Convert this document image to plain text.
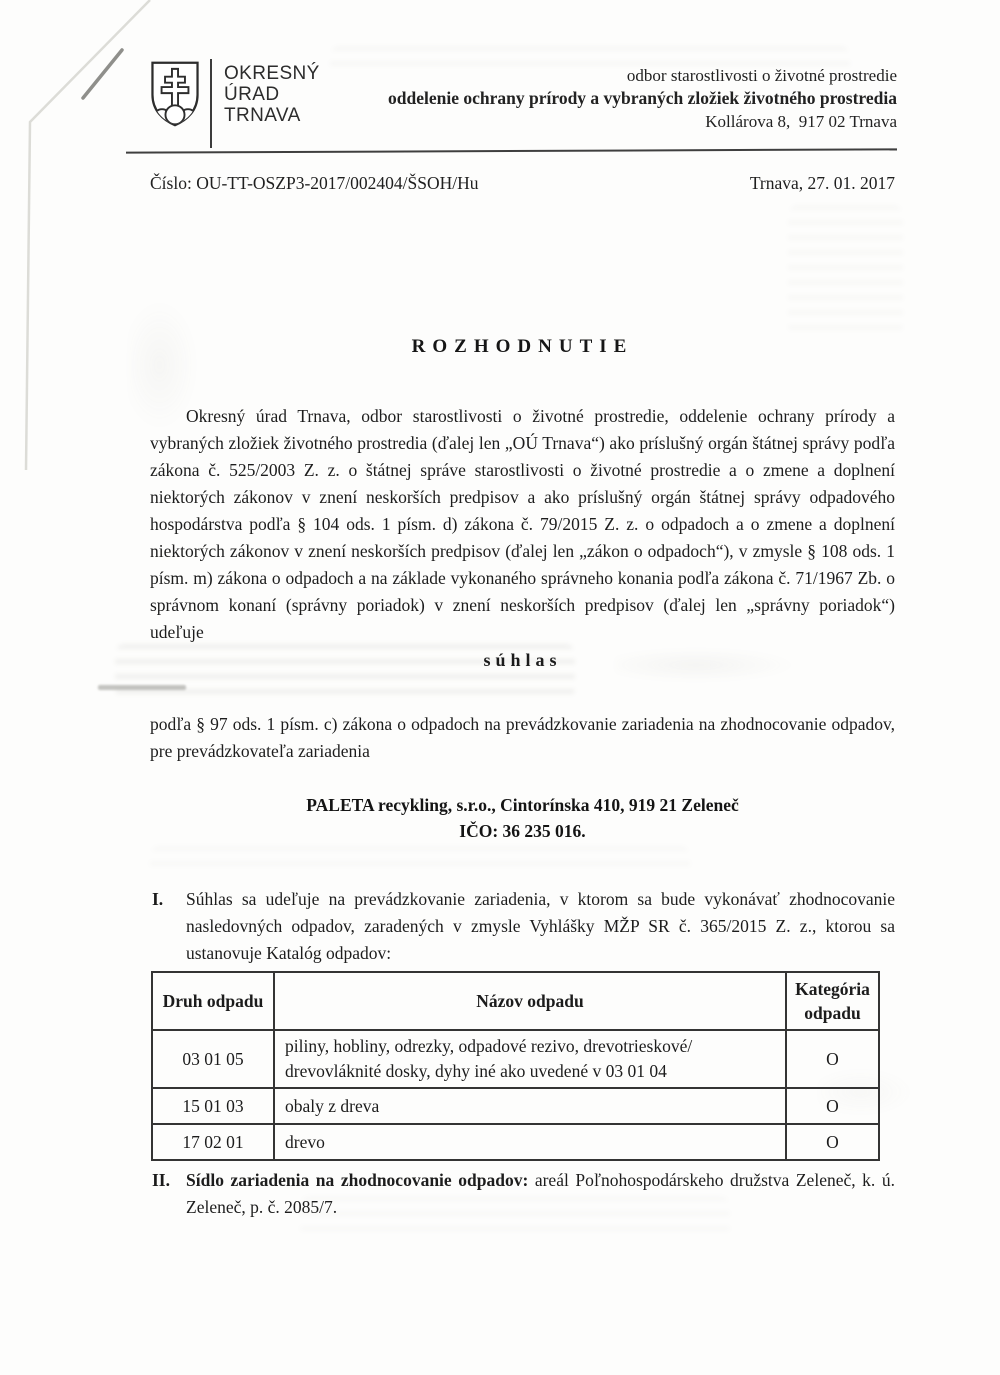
OKRESNÝ
ÚRAD
TRNAVA
odbor starostlivosti o životné prostredie
oddelenie ochrany prírody a vybraných zložiek životného prostredia
Kollárova 8,  917 02 Trnava
Číslo: OU-TT-OSZP3-2017/002404/ŠSOH/Hu	Trnava, 27. 01. 2017
ROZHODNUTIE

Okresný úrad Trnava, odbor starostlivosti o životné prostredie, oddelenie ochrany prírody a vybraných zložiek životného prostredia (ďalej len „OÚ Trnava“) ako príslušný orgán štátnej správy podľa zákona č. 525/2003 Z. z. o štátnej správe starostlivosti o životné prostredie a o zmene a doplnení niektorých zákonov v znení neskorších predpisov a ako príslušný orgán štátnej správy odpadového hospodárstva podľa § 104 ods. 1 písm. d) zákona č. 79/2015 Z. z. o odpadoch a o zmene a doplnení niektorých zákonov v znení neskorších predpisov (ďalej len „zákon o odpadoch“), v zmysle § 108 ods. 1 písm. m) zákona o odpadoch a na základe vykonaného správneho konania podľa zákona č. 71/1967 Zb. o správnom konaní (správny poriadok) v znení neskorších predpisov (ďalej len „správny poriadok“) udeľuje

súhlas

podľa § 97 ods. 1 písm. c) zákona o odpadoch na prevádzkovanie zariadenia na zhodnocovanie odpadov, pre prevádzkovateľa zariadenia

PALETA recykling, s.r.o., Cintorínska 410, 919 21 Zeleneč
IČO: 36 235 016.
I.	Súhlas sa udeľuje na prevádzkovanie zariadenia, v ktorom sa bude vykonávať zhodnocovanie nasledovných odpadov, zaradených v zmysle Vyhlášky MŽP SR č. 365/2015 Z. z., ktorou sa ustanovuje Katalóg odpadov:

Druh odpadu	Názov odpadu	Kategória odpadu
03 01 05	piliny, hobliny, odrezky, odpadové rezivo, drevotrieskové/ drevovláknité dosky, dyhy iné ako uvedené v 03 01 04	O
15 01 03	obaly z dreva	O
17 02 01	drevo	O
II. Sídlo zariadenia na zhodnocovanie odpadov: areál Poľnohospodárskeho družstva Zeleneč, k. ú. Zeleneč, p. č. 2085/7.
